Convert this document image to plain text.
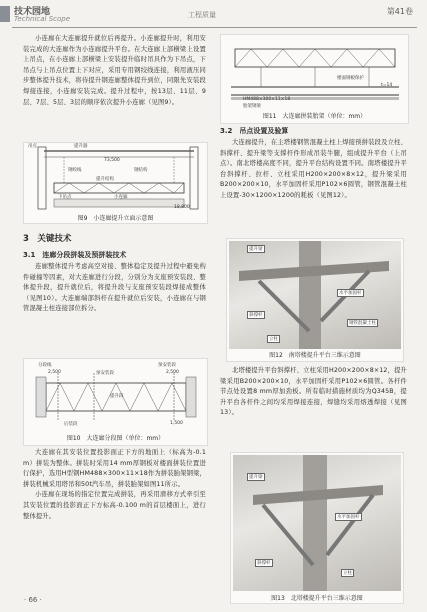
技术园地
Technical Scope	工程质量	第41卷

小连廊在大连廊提升就位后再提升。小连廊提升时，利用安装完成的大连廊作为小连廊提升平台。在大连廊上部横梁上设置上吊点，在小连廊上部横梁上安装提升临时吊具作为下吊点，下吊点与上吊点位置上下对应，采用专用钢绞线连接，利用液压同步整体提升技术，将待提升钢连廊整体提升到位，同限先安装段焊接连接，小连廊安装完成。提升过程中，按13层、11层、9层、7层、5层、3层的顺序依次提升小连廊（见图9）。

吊点	提升器
73,500
钢绞线	钢结构
提升结构
下吊点	小连廊
18,800
图9　小连廊提升立面示意图
3　关键技术
3.1　连廊分段拼装及预拼装技术

连廊整体提升考虑高空对接、整体稳定及提升过程中避免构件碰撞等因素，对大连廊进行分段，分别分为支座预安装段、整体提升段，提升就位后，将提升段与支座预安装段焊接成整体（见图10）。大连廊端部斜杆在提升就位后安装，小连廊在与钢管混凝土柱连接部位拆分。

分段线
2,500	预安装段
预安装段
2,500
提升段
后装段	1,500
图10　大连廊分段图（单位：mm）

大连廊在其安装位置投影面正下方的地面上（标高为-0.1 m）拼装为整体。拼装时采用14 mm厚钢板对楼面拼装位置进行保护，选用H型钢HM488×300×11×18作为拼装胎架钢梁，拼装机械采用塔吊和50t汽车吊，拼装胎架如图11所示。

小连廊在现场的指定位置完成拼装，再采用滑移方式牵引至其安装位置的投影面正下方标高-0.100 m的首层楼面上，进行整体提升。

· 66 ·
楼面钢板保护
t=14
HM488×300×11×18
胎架钢梁
图11　大连廊拼装胎架（单位：mm）
3.2　吊点设置及验算

大连廊提升，在主塔楼钢管混凝土柱上焊接预拼装段及立柱、斜撑杆、提升梁等支撑杆件形成吊装牛腿，组成提升平台（上吊点）。南北塔楼高度不同，提升平台结构设置不同。南塔楼提升平台斜撑杆、拉杆、立柱采用H200×200×8×12，提升梁采用B200×200×10，水平加固杆采用P102×6圆管，钢管混凝土柱上设置-30×1200×1200的耗板（见图12）。

提升梁
水平加固杆
钢管混凝土柱
斜撑杆
立柱
图12　南塔楼提升平台三维示意图

北塔楼提升平台斜撑杆、立柱采用H200×200×8×12，提升梁采用B200×200×10，水平加固杆采用P102×6圆管。各杆件节点处设置8 mm厚加劲板。所有临时措施材质均为Q345B，提升平台各杆件之间均采用焊接连接，焊缝均采用熔透焊接（见图13）。

提升梁
水平加固杆
斜撑杆
立柱
图13　北塔楼提升平台三维示意图
